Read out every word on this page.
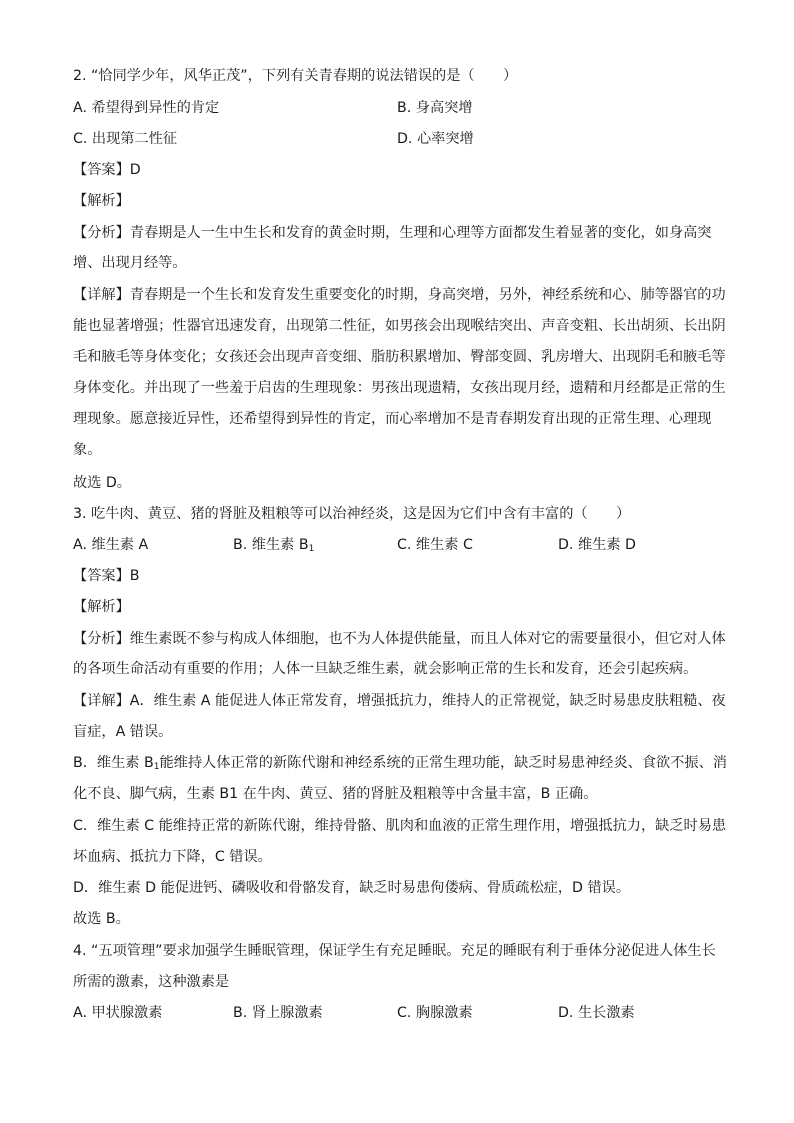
2. “恰同学少年，风华正茂”，下列有关青春期的说法错误的是（　　）
A. 希望得到异性的肯定	B. 身高突增
C. 出现第二性征	D. 心率突增
【答案】D
【解析】
【分析】青春期是人一生中生长和发育的黄金时期，生理和心理等方面都发生着显著的变化，如身高突
增、出现月经等。
【详解】青春期是一个生长和发育发生重要变化的时期，身高突增，另外，神经系统和心、肺等器官的功
能也显著增强；性器官迅速发育，出现第二性征，如男孩会出现喉结突出、声音变粗、长出胡须、长出阴
毛和腋毛等身体变化；女孩还会出现声音变细、脂肪积累增加、臀部变圆、乳房增大、出现阴毛和腋毛等
身体变化。并出现了一些羞于启齿的生理现象：男孩出现遗精，女孩出现月经，遗精和月经都是正常的生
理现象。愿意接近异性，还希望得到异性的肯定，而心率增加不是青春期发育出现的正常生理、心理现
象。
故选 D。
3. 吃牛肉、黄豆、猪的肾脏及粗粮等可以治神经炎，这是因为它们中含有丰富的（　　）
A. 维生素 A	B. 维生素 $B_1$	C. 维生素 C	D. 维生素 D
【答案】B
【解析】
【分析】维生素既不参与构成人体细胞，也不为人体提供能量，而且人体对它的需要量很小，但它对人体
的各项生命活动有重要的作用；人体一旦缺乏维生素，就会影响正常的生长和发育，还会引起疾病。
【详解】A．维生素 A 能促进人体正常发育，增强抵抗力，维持人的正常视觉，缺乏时易患皮肤粗糙、夜
盲症，A 错误。
B．维生素 $B_1$能维持人体正常的新陈代谢和神经系统的正常生理功能，缺乏时易患神经炎、食欲不振、消
化不良、脚气病，生素 B1 在牛肉、黄豆、猪的肾脏及粗粮等中含量丰富，B 正确。
C．维生素 C 能维持正常的新陈代谢，维持骨骼、肌肉和血液的正常生理作用，增强抵抗力，缺乏时易患
坏血病、抵抗力下降，C 错误。
D．维生素 D 能促进钙、磷吸收和骨骼发育，缺乏时易患佝偻病、骨质疏松症，D 错误。
故选 B。
4. “五项管理”要求加强学生睡眠管理，保证学生有充足睡眠。充足的睡眠有利于垂体分泌促进人体生长
所需的激素，这种激素是
A. 甲状腺激素	B. 肾上腺激素	C. 胸腺激素	D. 生长激素
